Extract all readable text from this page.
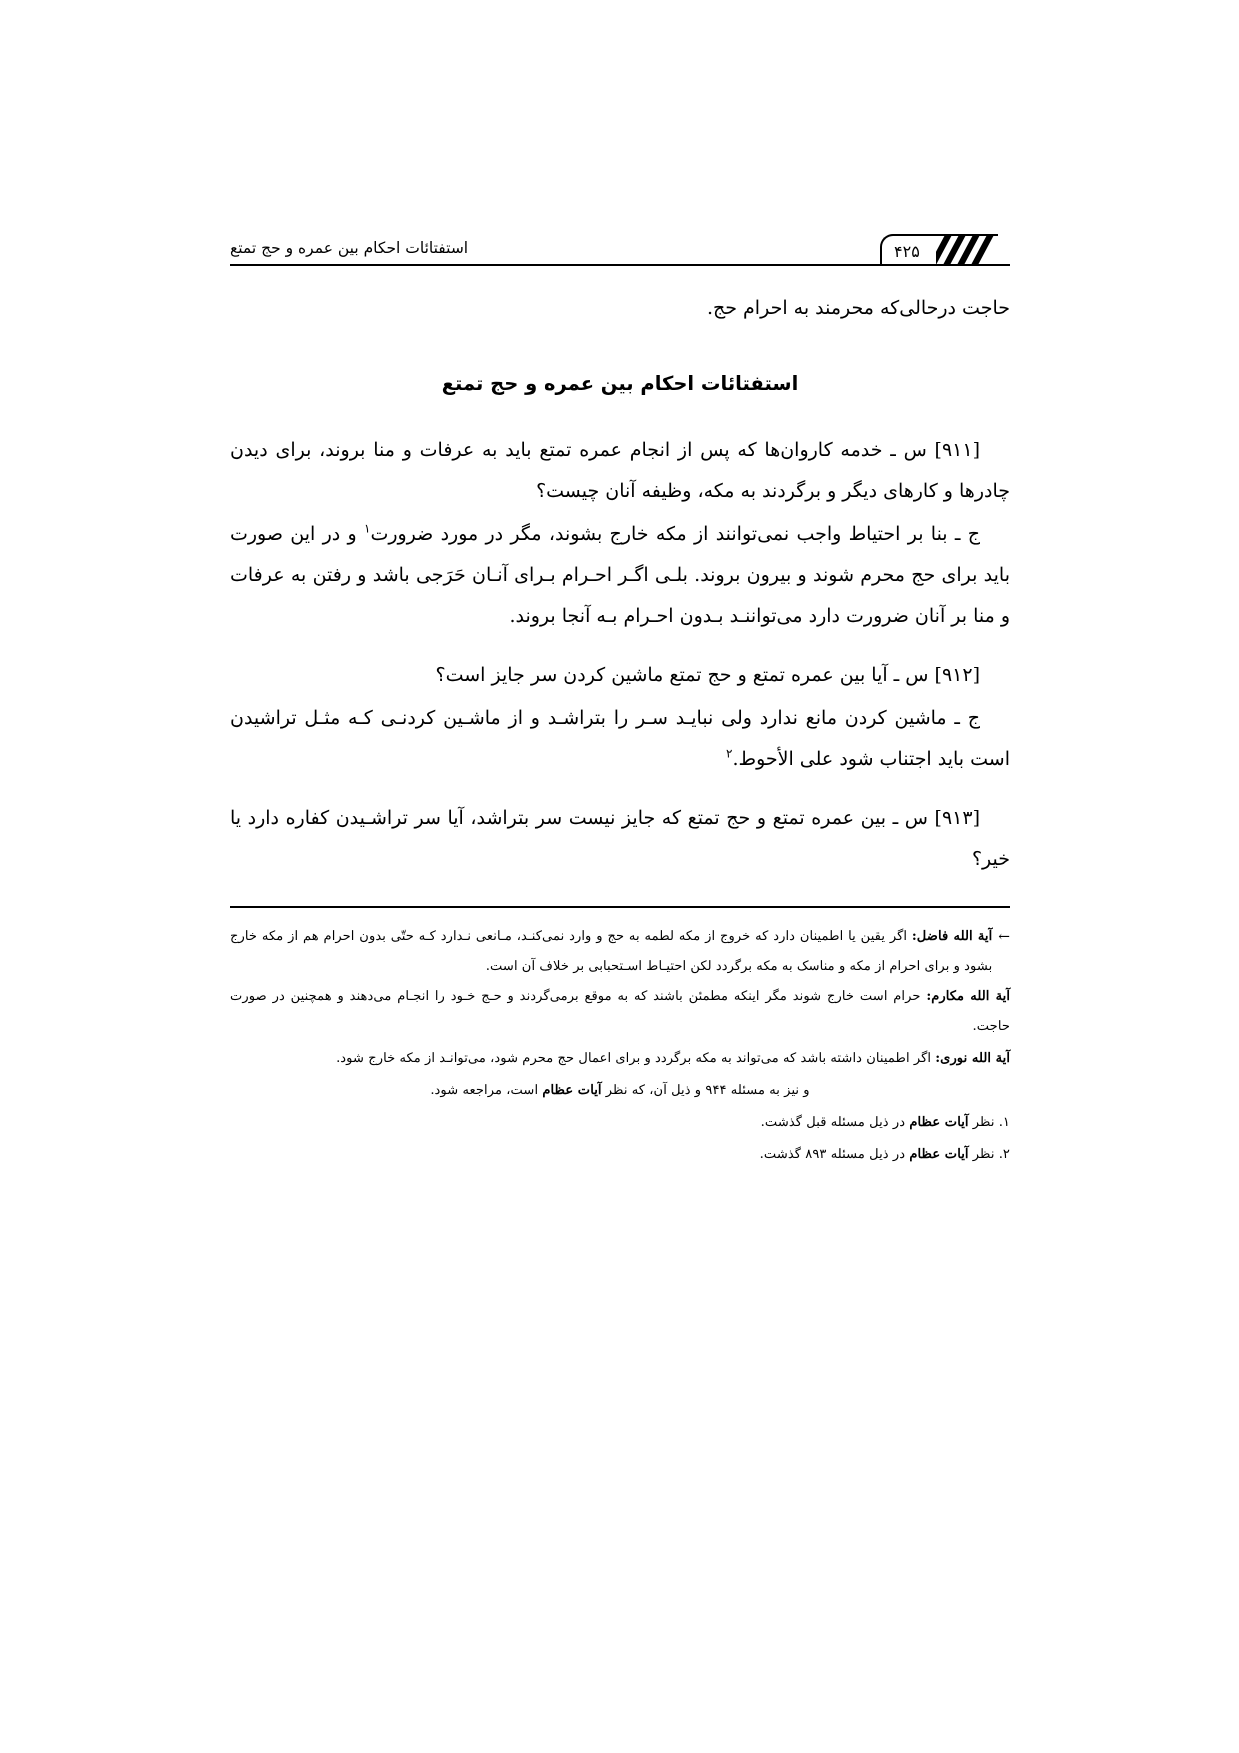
استفتائات احکام بین عمره و حج تمتع	۴۲۵

حاجت درحالی‌که محرمند به احرام حج.

استفتائات احکام بین عمره و حج تمتع

[۹۱۱] س ـ خدمه کاروان‌ها که پس از انجام عمره تمتع باید به عرفات و منا بروند، برای دیدن چادرها و کارهای دیگر و برگردند به مکه، وظیفه آنان چیست؟

ج ـ بنا بر احتیاط واجب نمی‌توانند از مکه خارج بشوند، مگر در مورد ضرورت$^۱$ و در این صورت باید برای حج محرم شوند و بیرون بروند. بلـی اگـر احـرام بـرای آنـان حَرَجی باشد و رفتن به عرفات و منا بر آنان ضرورت دارد می‌تواننـد بـدون احـرام بـه آنجا بروند.

[۹۱۲] س ـ آیا بین عمره تمتع و حج تمتع ماشین کردن سر جایز است؟

ج ـ ماشین کردن مانع ندارد ولی نبایـد سـر را بتراشـد و از ماشـین کردنـی کـه مثـل تراشیدن است باید اجتناب شود علی الأحوط.$^۲$

[۹۱۳] س ـ بین عمره تمتع و حج تمتع که جایز نیست سر بتراشد، آیا سر تراشـیدن کفاره دارد یا خیر؟

←
آیة الله فاضل: اگر یقین یا اطمینان دارد که خروج از مکه لطمه به حج و وارد نمی‌کنـد، مـانعی نـدارد کـه حتّی بدون احرام هم از مکه خارج بشود و برای احرام از مکه و مناسک به مکه برگردد لکن احتیـاط اسـتحبابی بر خلاف آن است.

آیة الله مکارم: حرام است خارج شوند مگر اینکه مطمئن باشند که به موقع برمی‌گردند و حـج خـود را انجـام می‌دهند و همچنین در صورت حاجت.

آیة الله نوری: اگر اطمینان داشته باشد که می‌تواند به مکه برگردد و برای اعمال حج محرم شود، می‌توانـد از مکه خارج شود.

و نیز به مسئله ۹۴۴ و ذیل آن، که نظر آیات عظام است، مراجعه شود.

۱. نظر آیات عظام در ذیل مسئله قبل گذشت.

۲. نظر آیات عظام در ذیل مسئله ۸۹۳ گذشت.
